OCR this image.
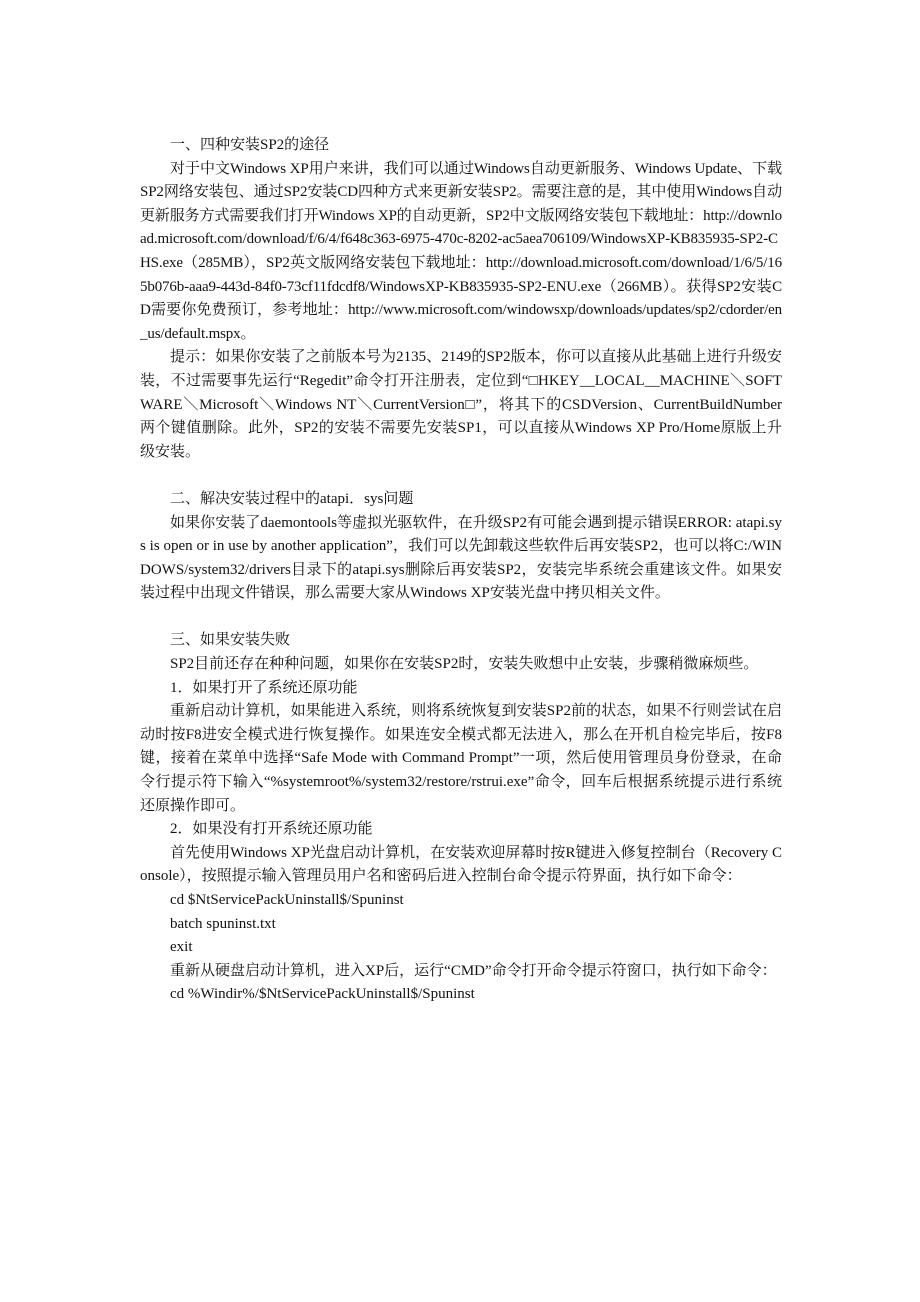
一、四种安装SP2的途径

对于中文Windows XP用户来讲，我们可以通过Windows自动更新服务、Windows Update、下载SP2网络安装包、通过SP2安装CD四种方式来更新安装SP2。需要注意的是，其中使用Windows自动更新服务方式需要我们打开Windows XP的自动更新，SP2中文版网络安装包下载地址：http://download.microsoft.com/download/f/6/4/f648c363-6975-470c-8202-ac5aea706109/WindowsXP-KB835935-SP2-CHS.exe（285MB），SP2英文版网络安装包下载地址：http://download.microsoft.com/download/1/6/5/165b076b-aaa9-443d-84f0-73cf11fdcdf8/WindowsXP-KB835935-SP2-ENU.exe（266MB）。获得SP2安装CD需要你免费预订，参考地址：http://www.microsoft.com/windowsxp/downloads/updates/sp2/cdorder/en_us/default.mspx。

提示：如果你安装了之前版本号为2135、2149的SP2版本，你可以直接从此基础上进行升级安装，不过需要事先运行“Regedit”命令打开注册表，定位到“□HKEY__LOCAL__MACHINE＼SOFTWARE＼Microsoft＼Windows NT＼CurrentVersion□”，将其下的CSDVersion、CurrentBuildNumber两个键值删除。此外，SP2的安装不需要先安装SP1，可以直接从Windows XP Pro/Home原版上升级安装。

二、解决安装过程中的atapi．sys问题

如果你安装了daemontools等虚拟光驱软件，在升级SP2有可能会遇到提示错误ERROR: atapi.sys is open or in use by another application”，我们可以先卸载这些软件后再安装SP2，也可以将C:/WINDOWS/system32/drivers目录下的atapi.sys删除后再安装SP2，安装完毕系统会重建该文件。如果安装过程中出现文件错误，那么需要大家从Windows XP安装光盘中拷贝相关文件。

三、如果安装失败

SP2目前还存在种种问题，如果你在安装SP2时，安装失败想中止安装，步骤稍微麻烦些。

1．如果打开了系统还原功能

重新启动计算机，如果能进入系统，则将系统恢复到安装SP2前的状态，如果不行则尝试在启动时按F8进安全模式进行恢复操作。如果连安全模式都无法进入，那么在开机自检完毕后，按F8键，接着在菜单中选择“Safe Mode with Command Prompt”一项，然后使用管理员身份登录，在命令行提示符下输入“%systemroot%/system32/restore/rstrui.exe”命令，回车后根据系统提示进行系统还原操作即可。

2．如果没有打开系统还原功能

首先使用Windows XP光盘启动计算机，在安装欢迎屏幕时按R键进入修复控制台（Recovery Console），按照提示输入管理员用户名和密码后进入控制台命令提示符界面，执行如下命令：

cd $NtServicePackUninstall$/Spuninst

batch spuninst.txt

exit

重新从硬盘启动计算机，进入XP后，运行“CMD”命令打开命令提示符窗口，执行如下命令：

cd %Windir%/$NtServicePackUninstall$/Spuninst
